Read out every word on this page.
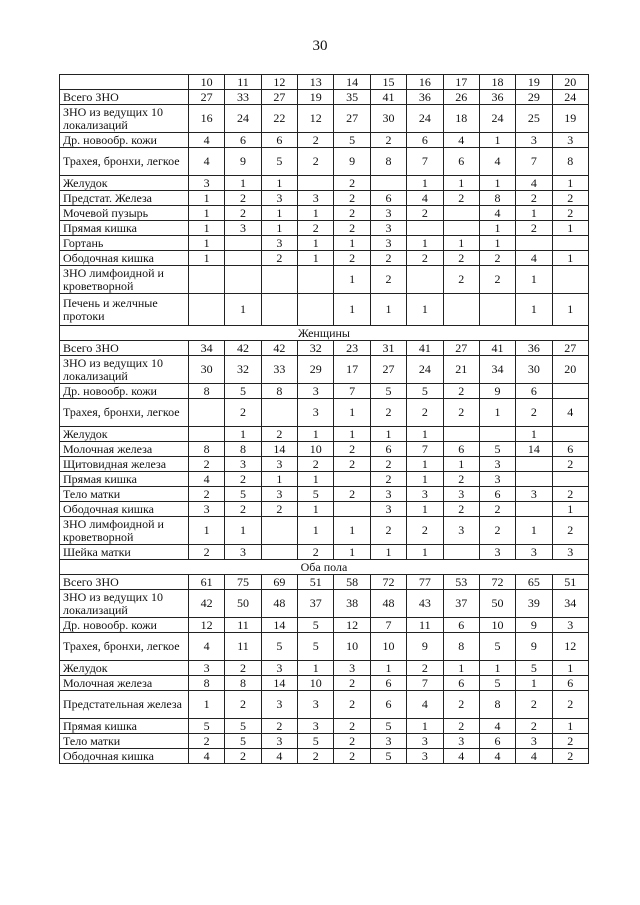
30
	10	11	12	13	14	15	16	17	18	19	20
Всего ЗНО	27	33	27	19	35	41	36	26	36	29	24
ЗНО из ведущих 10 локализаций	16	24	22	12	27	30	24	18	24	25	19
Др. новообр. кожи	4	6	6	2	5	2	6	4	1	3	3
Трахея, бронхи, легкое	4	9	5	2	9	8	7	6	4	7	8
Желудок	3	1	1		2		1	1	1	4	1
Предстат. Железа	1	2	3	3	2	6	4	2	8	2	2
Мочевой пузырь	1	2	1	1	2	3	2		4	1	2
Прямая кишка	1	3	1	2	2	3			1	2	1
Гортань	1		3	1	1	3	1	1	1		
Ободочная кишка	1		2	1	2	2	2	2	2	4	1
ЗНО лимфоидной и кроветворной					1	2		2	2	1	
Печень и желчные протоки		1			1	1	1			1	1
Женщины											
Всего ЗНО	34	42	42	32	23	31	41	27	41	36	27
ЗНО из ведущих 10 локализаций	30	32	33	29	17	27	24	21	34	30	20
Др. новообр. кожи	8	5	8	3	7	5	5	2	9	6	
Трахея, бронхи, легкое		2		3	1	2	2	2	1	2	4
Желудок		1	2	1	1	1	1			1	
Молочная железа	8	8	14	10	2	6	7	6	5	14	6
Щитовидная железа	2	3	3	2	2	2	1	1	3		2
Прямая кишка	4	2	1	1		2	1	2	3		
Тело матки	2	5	3	5	2	3	3	3	6	3	2
Ободочная кишка	3	2	2	1		3	1	2	2		1
ЗНО лимфоидной и кроветворной	1	1		1	1	2	2	3	2	1	2
Шейка матки	2	3		2	1	1	1		3	3	3
Оба пола											
Всего ЗНО	61	75	69	51	58	72	77	53	72	65	51
ЗНО из ведущих 10 локализаций	42	50	48	37	38	48	43	37	50	39	34
Др. новообр. кожи	12	11	14	5	12	7	11	6	10	9	3
Трахея, бронхи, легкое	4	11	5	5	10	10	9	8	5	9	12
Желудок	3	2	3	1	3	1	2	1	1	5	1
Молочная железа	8	8	14	10	2	6	7	6	5	1	6
Предстательная железа	1	2	3	3	2	6	4	2	8	2	2
Прямая кишка	5	5	2	3	2	5	1	2	4	2	1
Тело матки	2	5	3	5	2	3	3	3	6	3	2
Ободочная кишка	4	2	4	2	2	5	3	4	4	4	2
